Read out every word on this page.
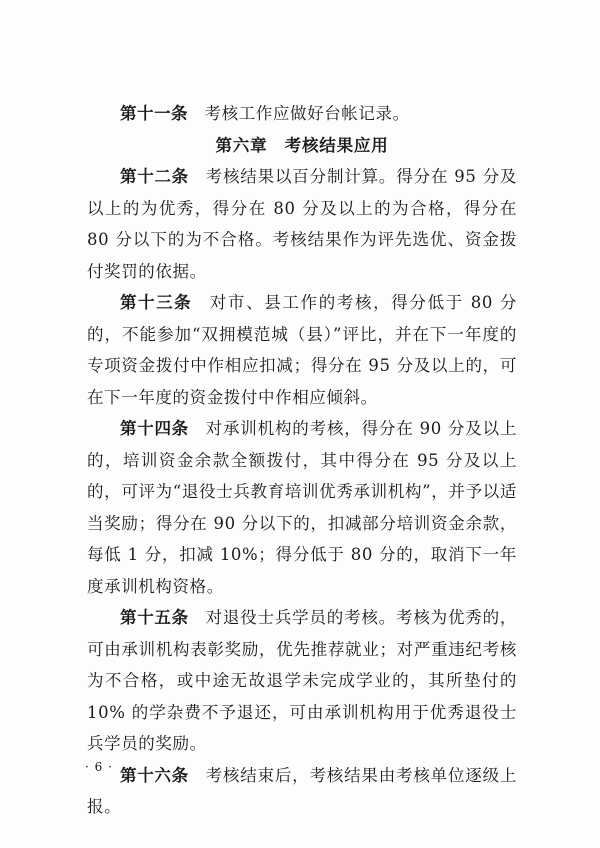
第十一条 考核工作应做好台帐记录。

第六章　考核结果应用

第十二条 考核结果以百分制计算。得分在 95 分及以上的为优秀，得分在 80 分及以上的为合格，得分在 80 分以下的为不合格。考核结果作为评先选优、资金拨付奖罚的依据。

第十三条 对市、县工作的考核，得分低于 80 分的，不能参加“双拥模范城（县）”评比，并在下一年度的专项资金拨付中作相应扣减；得分在 95 分及以上的，可在下一年度的资金拨付中作相应倾斜。

第十四条 对承训机构的考核，得分在 90 分及以上的，培训资金余款全额拨付，其中得分在 95 分及以上的，可评为“退役士兵教育培训优秀承训机构”，并予以适当奖励；得分在 90 分以下的，扣减部分培训资金余款，每低 1 分，扣减 10%；得分低于 80 分的，取消下一年度承训机构资格。

第十五条 对退役士兵学员的考核。考核为优秀的，可由承训机构表彰奖励，优先推荐就业；对严重违纪考核为不合格，或中途无故退学未完成学业的，其所垫付的 10% 的学杂费不予退还，可由承训机构用于优秀退役士兵学员的奖励。

第十六条 考核结束后，考核结果由考核单位逐级上报。

· 6 ·
